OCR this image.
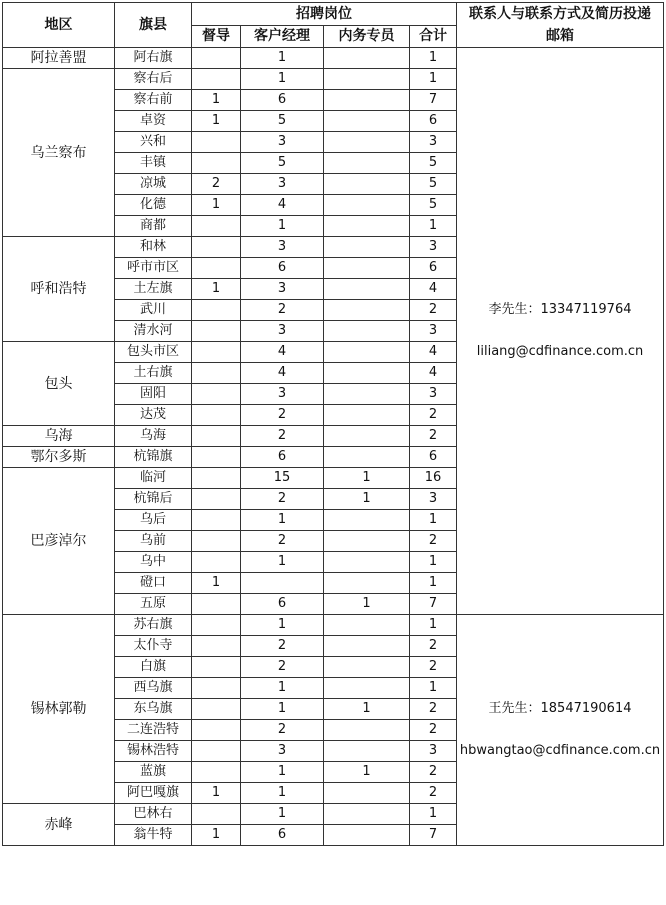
地区	旗县	招聘岗位				联系人与联系方式及简历投递邮箱
		督导	客户经理	内务专员	合计	
阿拉善盟	阿右旗		1		1	李先生：13347119764
liliang@cdfinance.com.cn

乌兰察布	察右后		1		1	
	察右前	1	6		7	
	卓资	1	5		6	
	兴和		3		3	
	丰镇		5		5	
	凉城	2	3		5	
	化德	1	4		5	
	商都		1		1	
呼和浩特	和林		3		3	
	呼市市区		6		6	
	土左旗	1	3		4	
	武川		2		2	
	清水河		3		3	
包头	包头市区		4		4	
	土右旗		4		4	
	固阳		3		3	
	达茂		2		2	
乌海	乌海		2		2	
鄂尔多斯	杭锦旗		6		6	
巴彦淖尔	临河		15	1	16	
	杭锦后		2	1	3	
	乌后		1		1	
	乌前		2		2	
	乌中		1		1	
	磴口	1			1	
	五原		6	1	7	
锡林郭勒	苏右旗		1		1	王先生：18547190614
hbwangtao@cdfinance.com.cn

	太仆寺		2		2	
	白旗		2		2	
	西乌旗		1		1	
	东乌旗		1	1	2	
	二连浩特		2		2	
	锡林浩特		3		3	
	蓝旗		1	1	2	
	阿巴嘎旗	1	1		2	
赤峰	巴林右		1		1	
	翁牛特	1	6		7	
